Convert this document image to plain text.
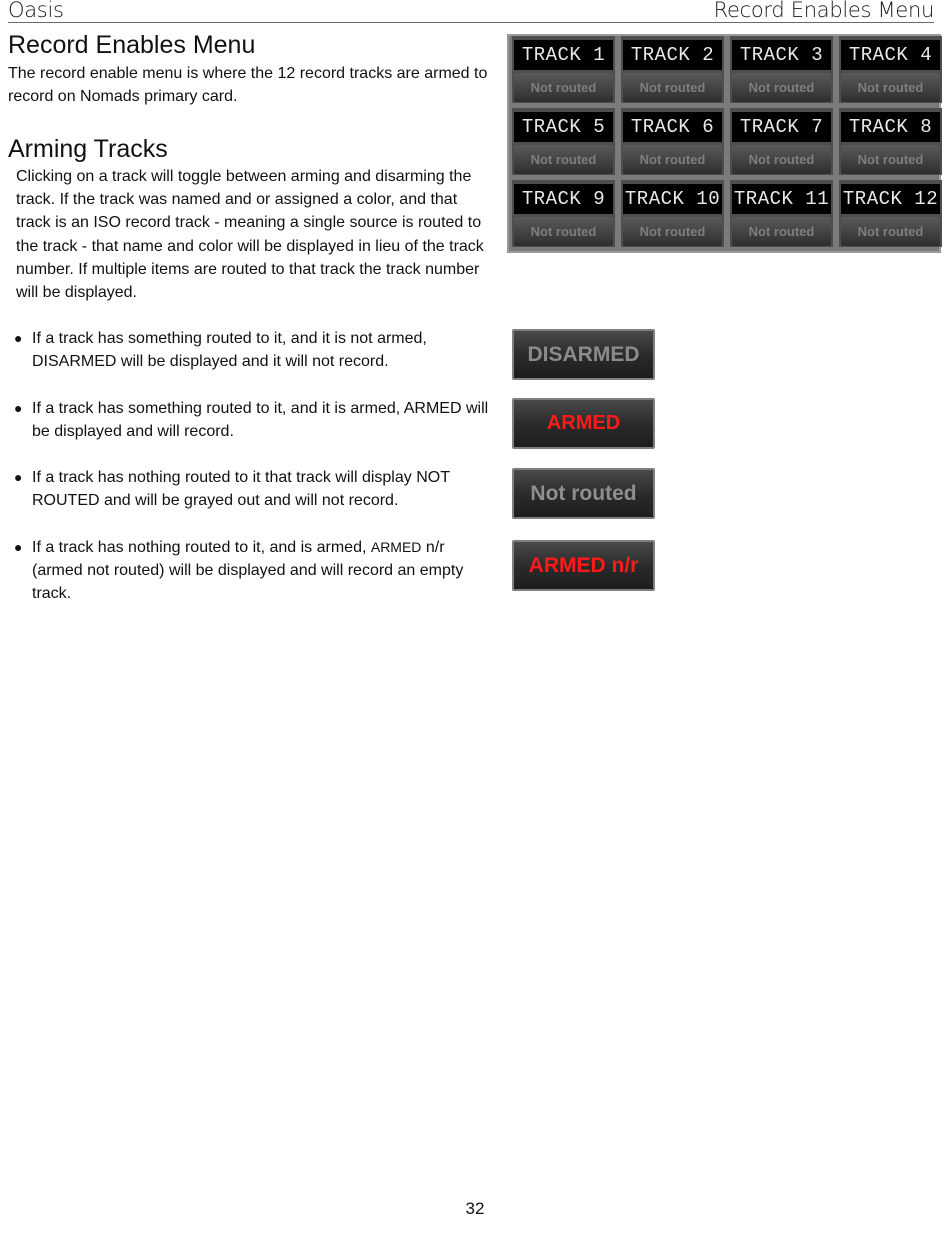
Oasis	Record Enables Menu
Record Enables Menu

The record enable menu is where the 12 record tracks are armed to record on Nomads primary card.

Arming Tracks

Clicking on a track will toggle between arming and disarming the track. If the track was named and or assigned a color, and that track is an ISO record track - meaning a single source is routed to the track - that name and color will be displayed in lieu of the track number. If multiple items are routed to that track the track number will be displayed.

● If a track has something routed to it, and it is not armed, DISARMED will be displayed and it will not record.
● If a track has something routed to it, and it is armed, ARMED will be displayed and will record.
● If a track has nothing routed to it that track will display NOT ROUTED and will be grayed out and will not record.
● If a track has nothing routed to it, and is armed, ARMED n/r (armed not routed) will be displayed and will record an empty track.
TRACK 1
Not routed
TRACK 2
Not routed
TRACK 3
Not routed
TRACK 4
Not routed
TRACK 5
Not routed
TRACK 6
Not routed
TRACK 7
Not routed
TRACK 8
Not routed
TRACK 9
Not routed
TRACK 10
Not routed
TRACK 11
Not routed
TRACK 12
Not routed
DISARMED
ARMED
Not routed
ARMED n/r
32
